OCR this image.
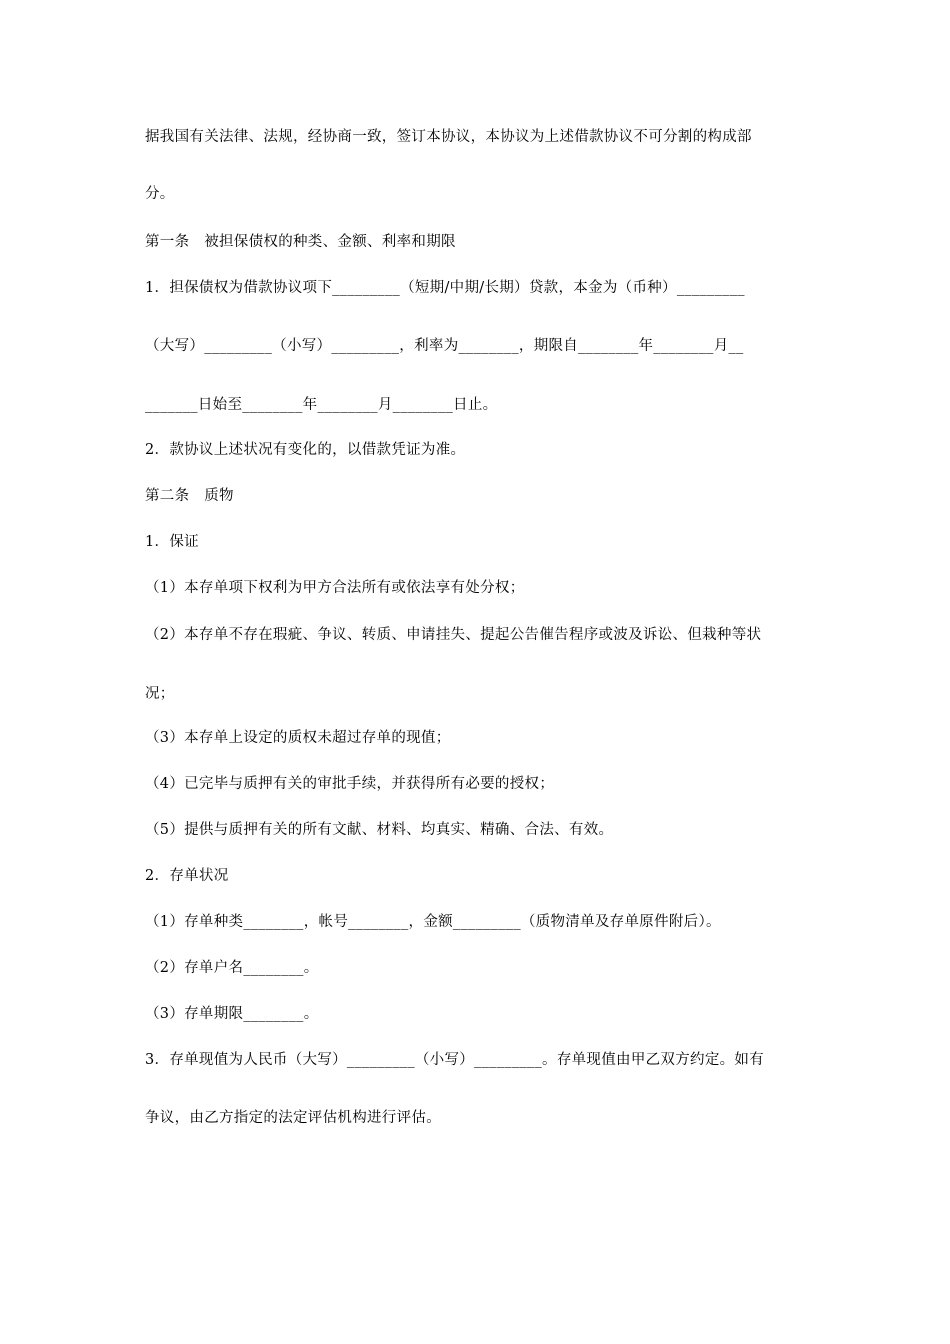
据我国有关法律、法规，经协商一致，签订本协议，本协议为上述借款协议不可分割的构成部
分。
第一条　被担保债权的种类、金额、利率和期限
1．担保债权为借款协议项下_________（短期/中期/长期）贷款，本金为（币种）_________
（大写）_________（小写）_________，利率为________，期限自________年________月__
_______日始至________年________月________日止。
2．款协议上述状况有变化的，以借款凭证为准。
第二条　质物
1．保证
（1）本存单项下权利为甲方合法所有或依法享有处分权；
（2）本存单不存在瑕疵、争议、转质、申请挂失、提起公告催告程序或波及诉讼、但栽种等状
况；
（3）本存单上设定的质权未超过存单的现值；
（4）已完毕与质押有关的审批手续，并获得所有必要的授权；
（5）提供与质押有关的所有文献、材料、均真实、精确、合法、有效。
2．存单状况
（1）存单种类________，帐号________，金额_________（质物清单及存单原件附后）。
（2）存单户名________。
（3）存单期限________。
3．存单现值为人民币（大写）_________（小写）_________。存单现值由甲乙双方约定。如有
争议，由乙方指定的法定评估机构进行评估。
